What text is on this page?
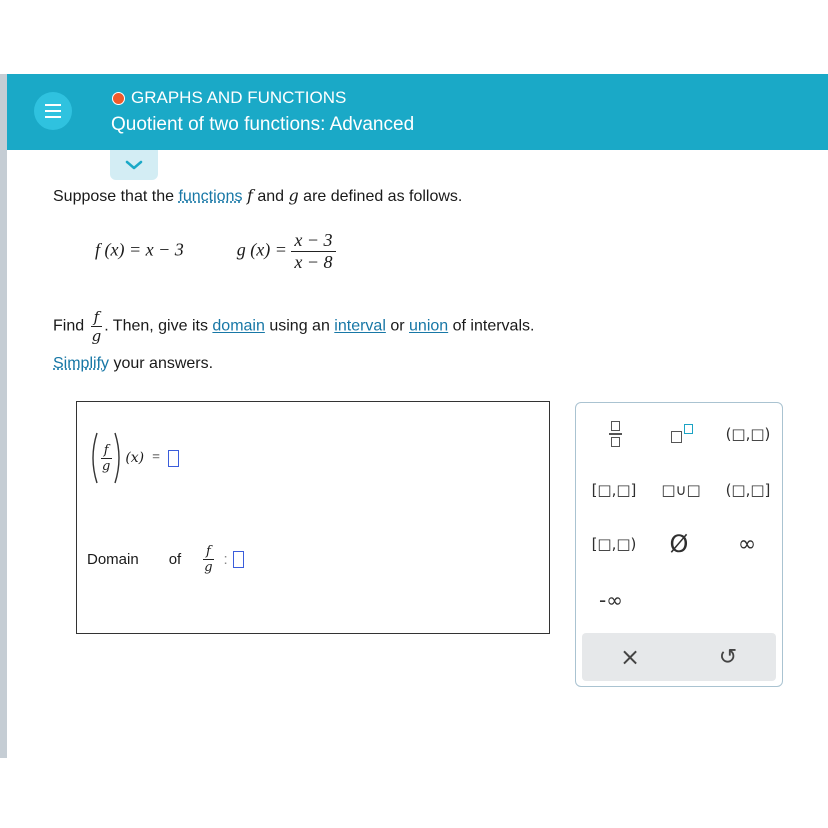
GRAPHS AND FUNCTIONS
Quotient of two functions: Advanced
Suppose that the functions f and g are defined as follows.
f (x) = x − 3	g $(x) = \frac{x - 3}{x - 8}$
Find $\frac{f}{g}$ . Then, give its domain using an interval or union of intervals.
Simplify your answers.
$\frac{f}{g} (x)$ =
Domain of $\frac{f}{g}$ :
(□,□)
[□,□]	□∪□	(□,□]
[□,□)	Ø	∞
-∞
×	↺
